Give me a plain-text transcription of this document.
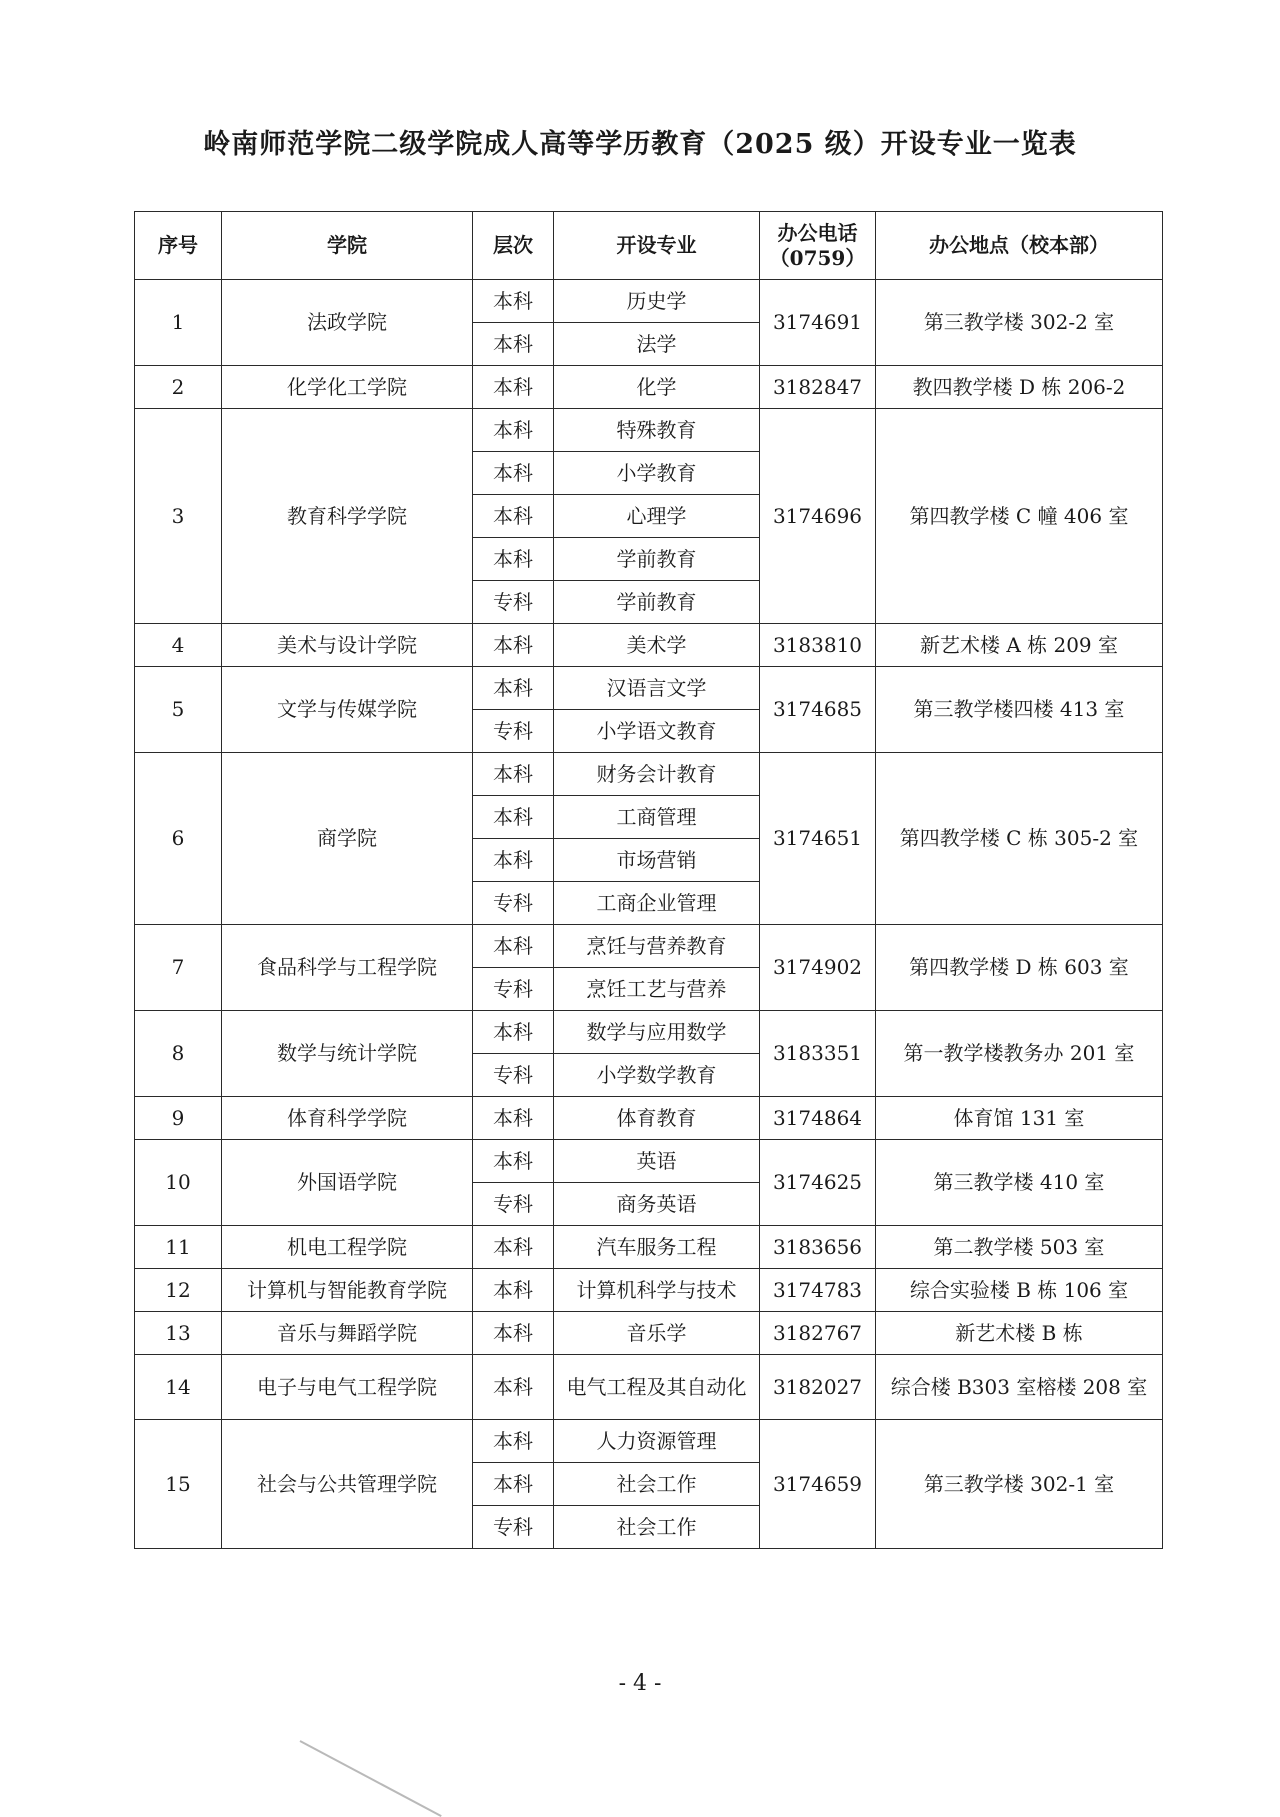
岭南师范学院二级学院成人高等学历教育（2025 级）开设专业一览表
序号	学院	层次	开设专业	办公电话（0759）	办公地点（校本部）
1	法政学院	本科	历史学	3174691	第三教学楼 302-2 室
		本科	法学		
2	化学化工学院	本科	化学	3182847	教四教学楼 D 栋 206-2
3	教育科学学院	本科	特殊教育	3174696	第四教学楼 C 幢 406 室
		本科	小学教育		
		本科	心理学		
		本科	学前教育		
		专科	学前教育		
4	美术与设计学院	本科	美术学	3183810	新艺术楼 A 栋 209 室
5	文学与传媒学院	本科	汉语言文学	3174685	第三教学楼四楼 413 室
		专科	小学语文教育		
6	商学院	本科	财务会计教育	3174651	第四教学楼 C 栋 305-2 室
		本科	工商管理		
		本科	市场营销		
		专科	工商企业管理		
7	食品科学与工程学院	本科	烹饪与营养教育	3174902	第四教学楼 D 栋 603 室
		专科	烹饪工艺与营养		
8	数学与统计学院	本科	数学与应用数学	3183351	第一教学楼教务办 201 室
		专科	小学数学教育		
9	体育科学学院	本科	体育教育	3174864	体育馆 131 室
10	外国语学院	本科	英语	3174625	第三教学楼 410 室
		专科	商务英语		
11	机电工程学院	本科	汽车服务工程	3183656	第二教学楼 503 室
12	计算机与智能教育学院	本科	计算机科学与技术	3174783	综合实验楼 B 栋 106 室
13	音乐与舞蹈学院	本科	音乐学	3182767	新艺术楼 B 栋
14	电子与电气工程学院	本科	电气工程及其自动化	3182027	综合楼 B303 室榕楼 208 室
15	社会与公共管理学院	本科	人力资源管理	3174659	第三教学楼 302-1 室
		本科	社会工作		
		专科	社会工作		
- 4 -
